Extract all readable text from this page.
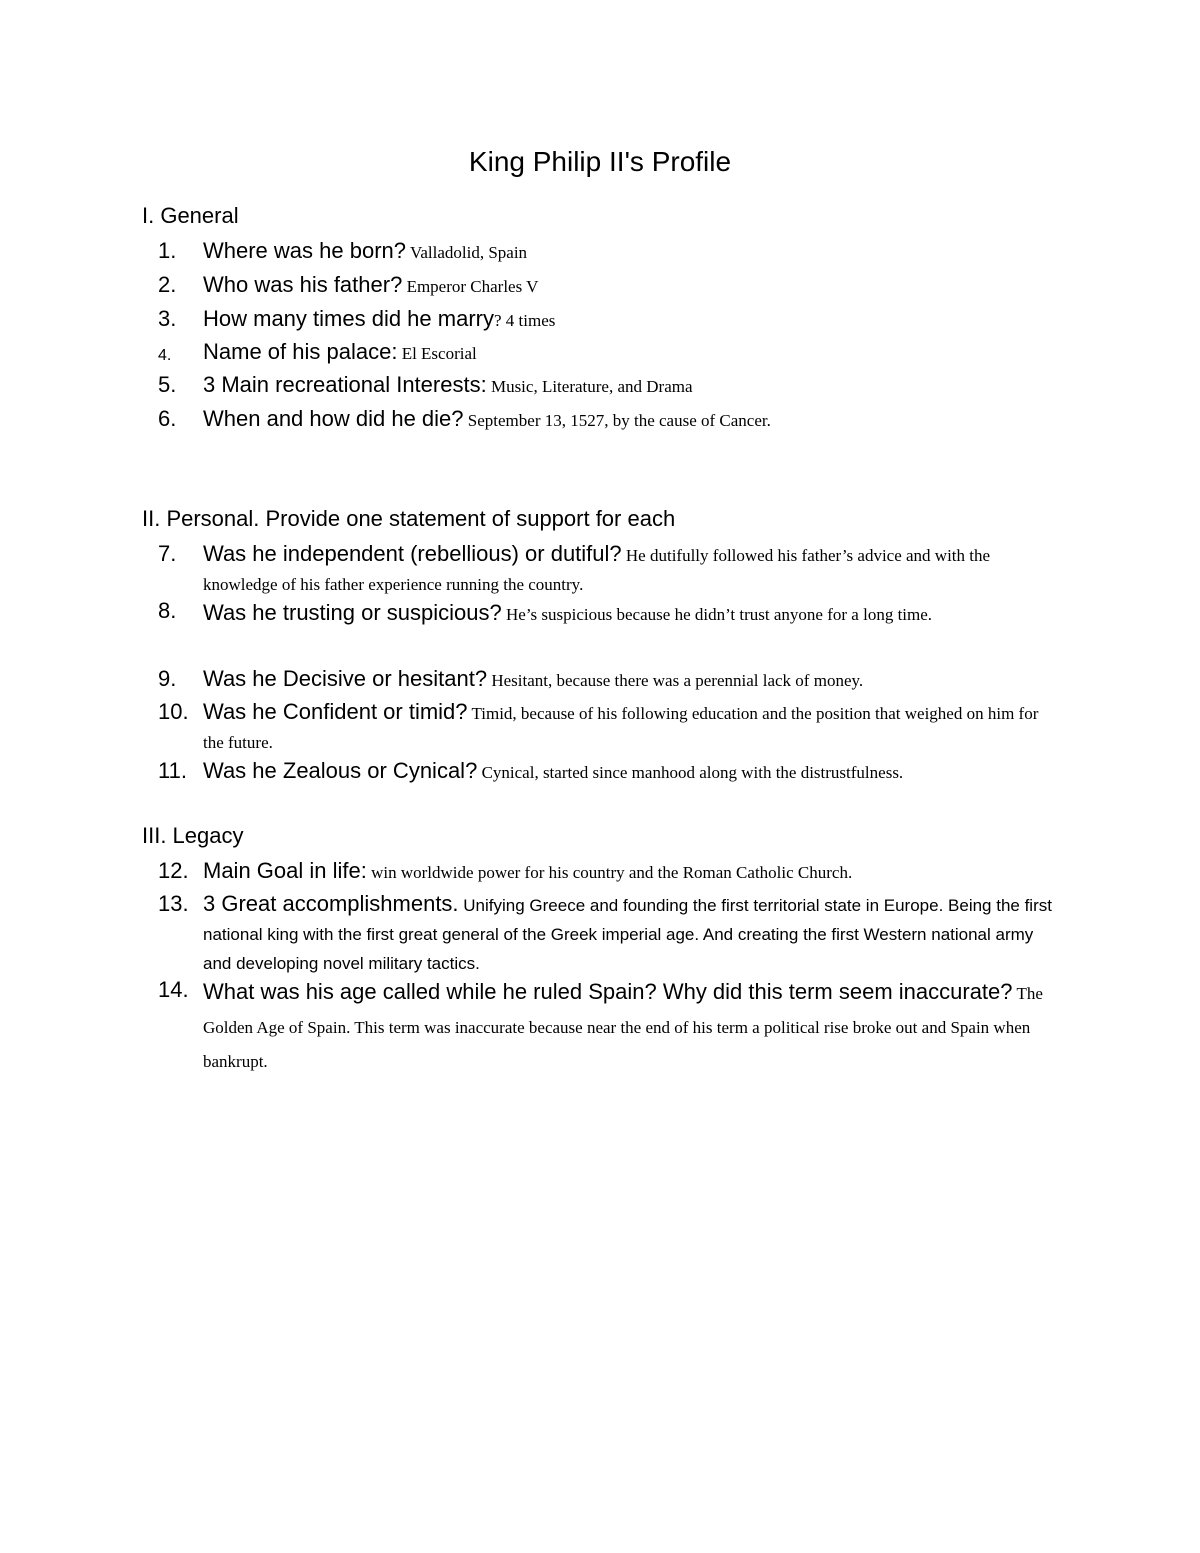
King Philip II's Profile
I. General
1.	Where was he born? Valladolid, Spain
2.	Who was his father? Emperor Charles V
3.	How many times did he marry? 4 times
4.	Name of his palace: El Escorial
5.	3 Main recreational Interests: Music, Literature, and Drama
6.	When and how did he die? September 13, 1527, by the cause of Cancer.
II. Personal. Provide one statement of support for each
7.	Was he independent (rebellious) or dutiful? He dutifully followed his father’s advice and with the knowledge of his father experience running the country.
8.	Was he trusting or suspicious? He’s suspicious because he didn’t trust anyone for a long time.
9.	Was he Decisive or hesitant? Hesitant, because there was a perennial lack of money.
10. Was he Confident or timid? Timid, because of his following education and the position that weighed on him for the future.
11. Was he Zealous or Cynical? Cynical, started since manhood along with the distrustfulness.
III. Legacy
12. Main Goal in life: win worldwide power for his country and the Roman Catholic Church.
13. 3 Great accomplishments. Unifying Greece and founding the first territorial state in Europe. Being the first national king with the first great general of the Greek imperial age. And creating the first Western national army and developing novel military tactics.
14. What was his age called while he ruled Spain? Why did this term seem inaccurate? The Golden Age of Spain. This term was inaccurate because near the end of his term a political rise broke out and Spain when bankrupt.
